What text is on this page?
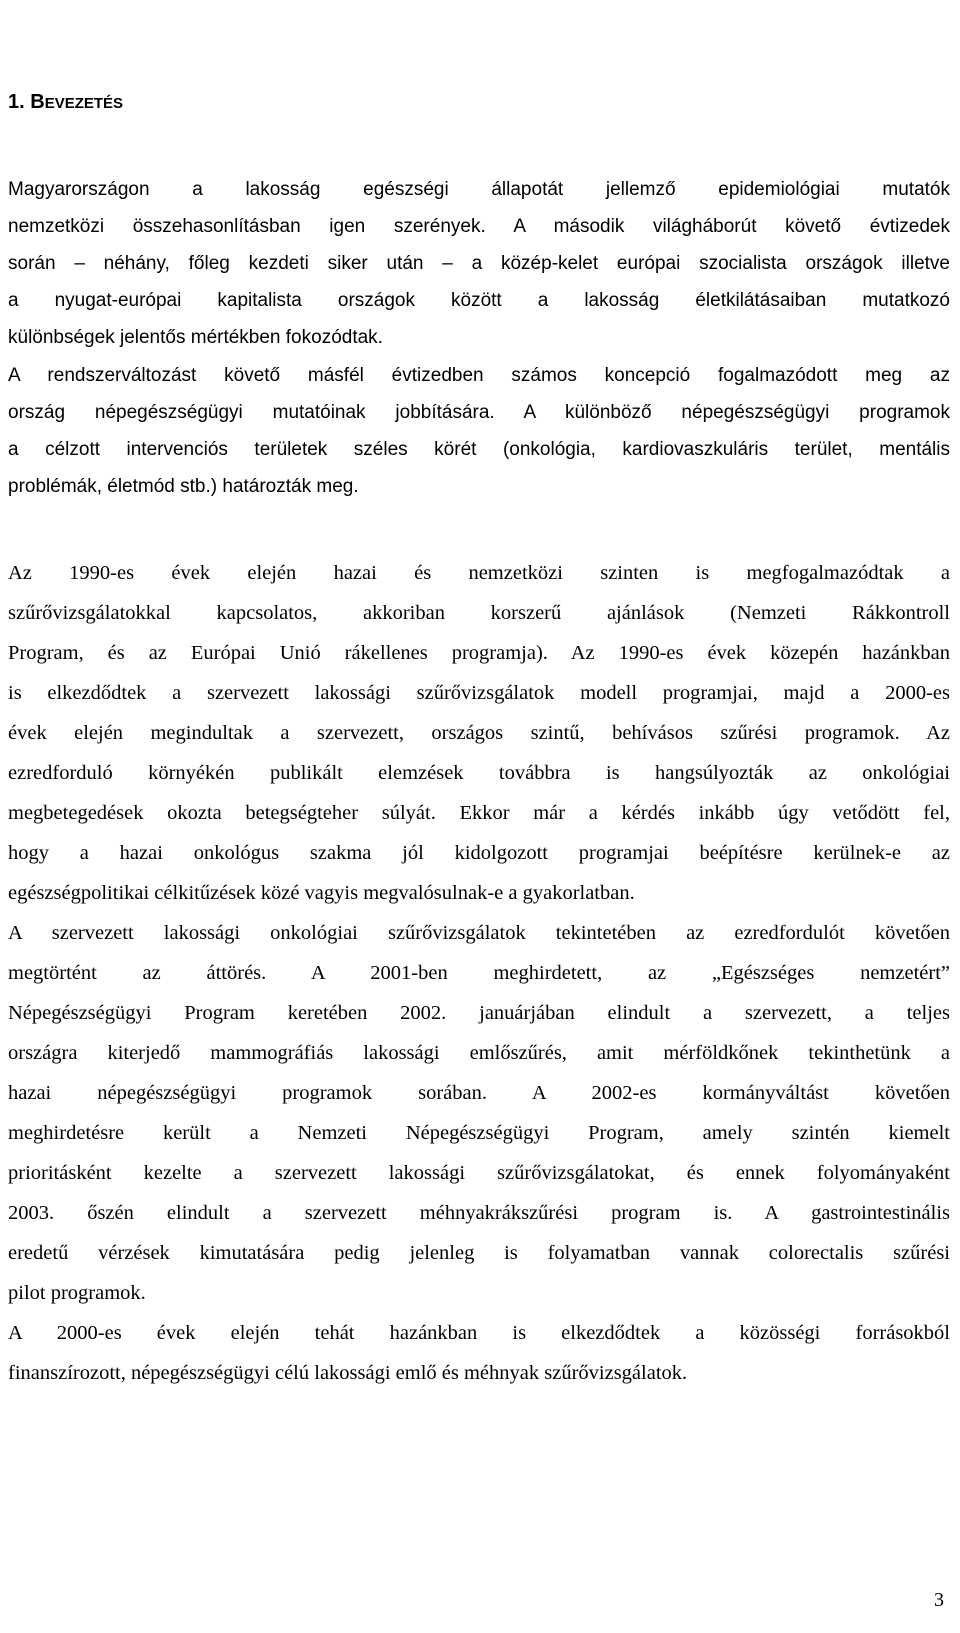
1. BEVEZETÉS

Magyarországon a lakosság egészségi állapotát jellemző epidemiológiai mutatók
nemzetközi összehasonlításban igen szerények. A második világháborút követő évtizedek
során – néhány, főleg kezdeti siker után – a közép-kelet európai szocialista országok illetve
a nyugat-európai kapitalista országok között a lakosság életkilátásaiban mutatkozó
különbségek jelentős mértékben fokozódtak.

A rendszerváltozást követő másfél évtizedben számos koncepció fogalmazódott meg az
ország népegészségügyi mutatóinak jobbítására. A különböző népegészségügyi programok
a célzott intervenciós területek széles körét (onkológia, kardiovaszkuláris terület, mentális
problémák, életmód stb.) határozták meg.

Az 1990-es évek elején hazai és nemzetközi szinten is megfogalmazódtak a
szűrővizsgálatokkal kapcsolatos, akkoriban korszerű ajánlások (Nemzeti Rákkontroll
Program, és az Európai Unió rákellenes programja). Az 1990-es évek közepén hazánkban
is elkezdődtek a szervezett lakossági szűrővizsgálatok modell programjai, majd a 2000-es
évek elején megindultak a szervezett, országos szintű, behívásos szűrési programok. Az
ezredforduló környékén publikált elemzések továbbra is hangsúlyozták az onkológiai
megbetegedések okozta betegségteher súlyát. Ekkor már a kérdés inkább úgy vetődött fel,
hogy a hazai onkológus szakma jól kidolgozott programjai beépítésre kerülnek-e az
egészségpolitikai célkitűzések közé vagyis megvalósulnak-e a gyakorlatban.

A szervezett lakossági onkológiai szűrővizsgálatok tekintetében az ezredfordulót követően
megtörtént az áttörés. A 2001-ben meghirdetett, az „Egészséges nemzetért”
Népegészségügyi Program keretében 2002. januárjában elindult a szervezett, a teljes
országra kiterjedő mammográfiás lakossági emlőszűrés, amit mérföldkőnek tekinthetünk a
hazai népegészségügyi programok sorában. A 2002-es kormányváltást követően
meghirdetésre került a Nemzeti Népegészségügyi Program, amely szintén kiemelt
prioritásként kezelte a szervezett lakossági szűrővizsgálatokat, és ennek folyományaként
2003. őszén elindult a szervezett méhnyakrákszűrési program is. A gastrointestinális
eredetű vérzések kimutatására pedig jelenleg is folyamatban vannak colorectalis szűrési
pilot programok.

A 2000-es évek elején tehát hazánkban is elkezdődtek a közösségi forrásokból
finanszírozott, népegészségügyi célú lakossági emlő és méhnyak szűrővizsgálatok.

3
